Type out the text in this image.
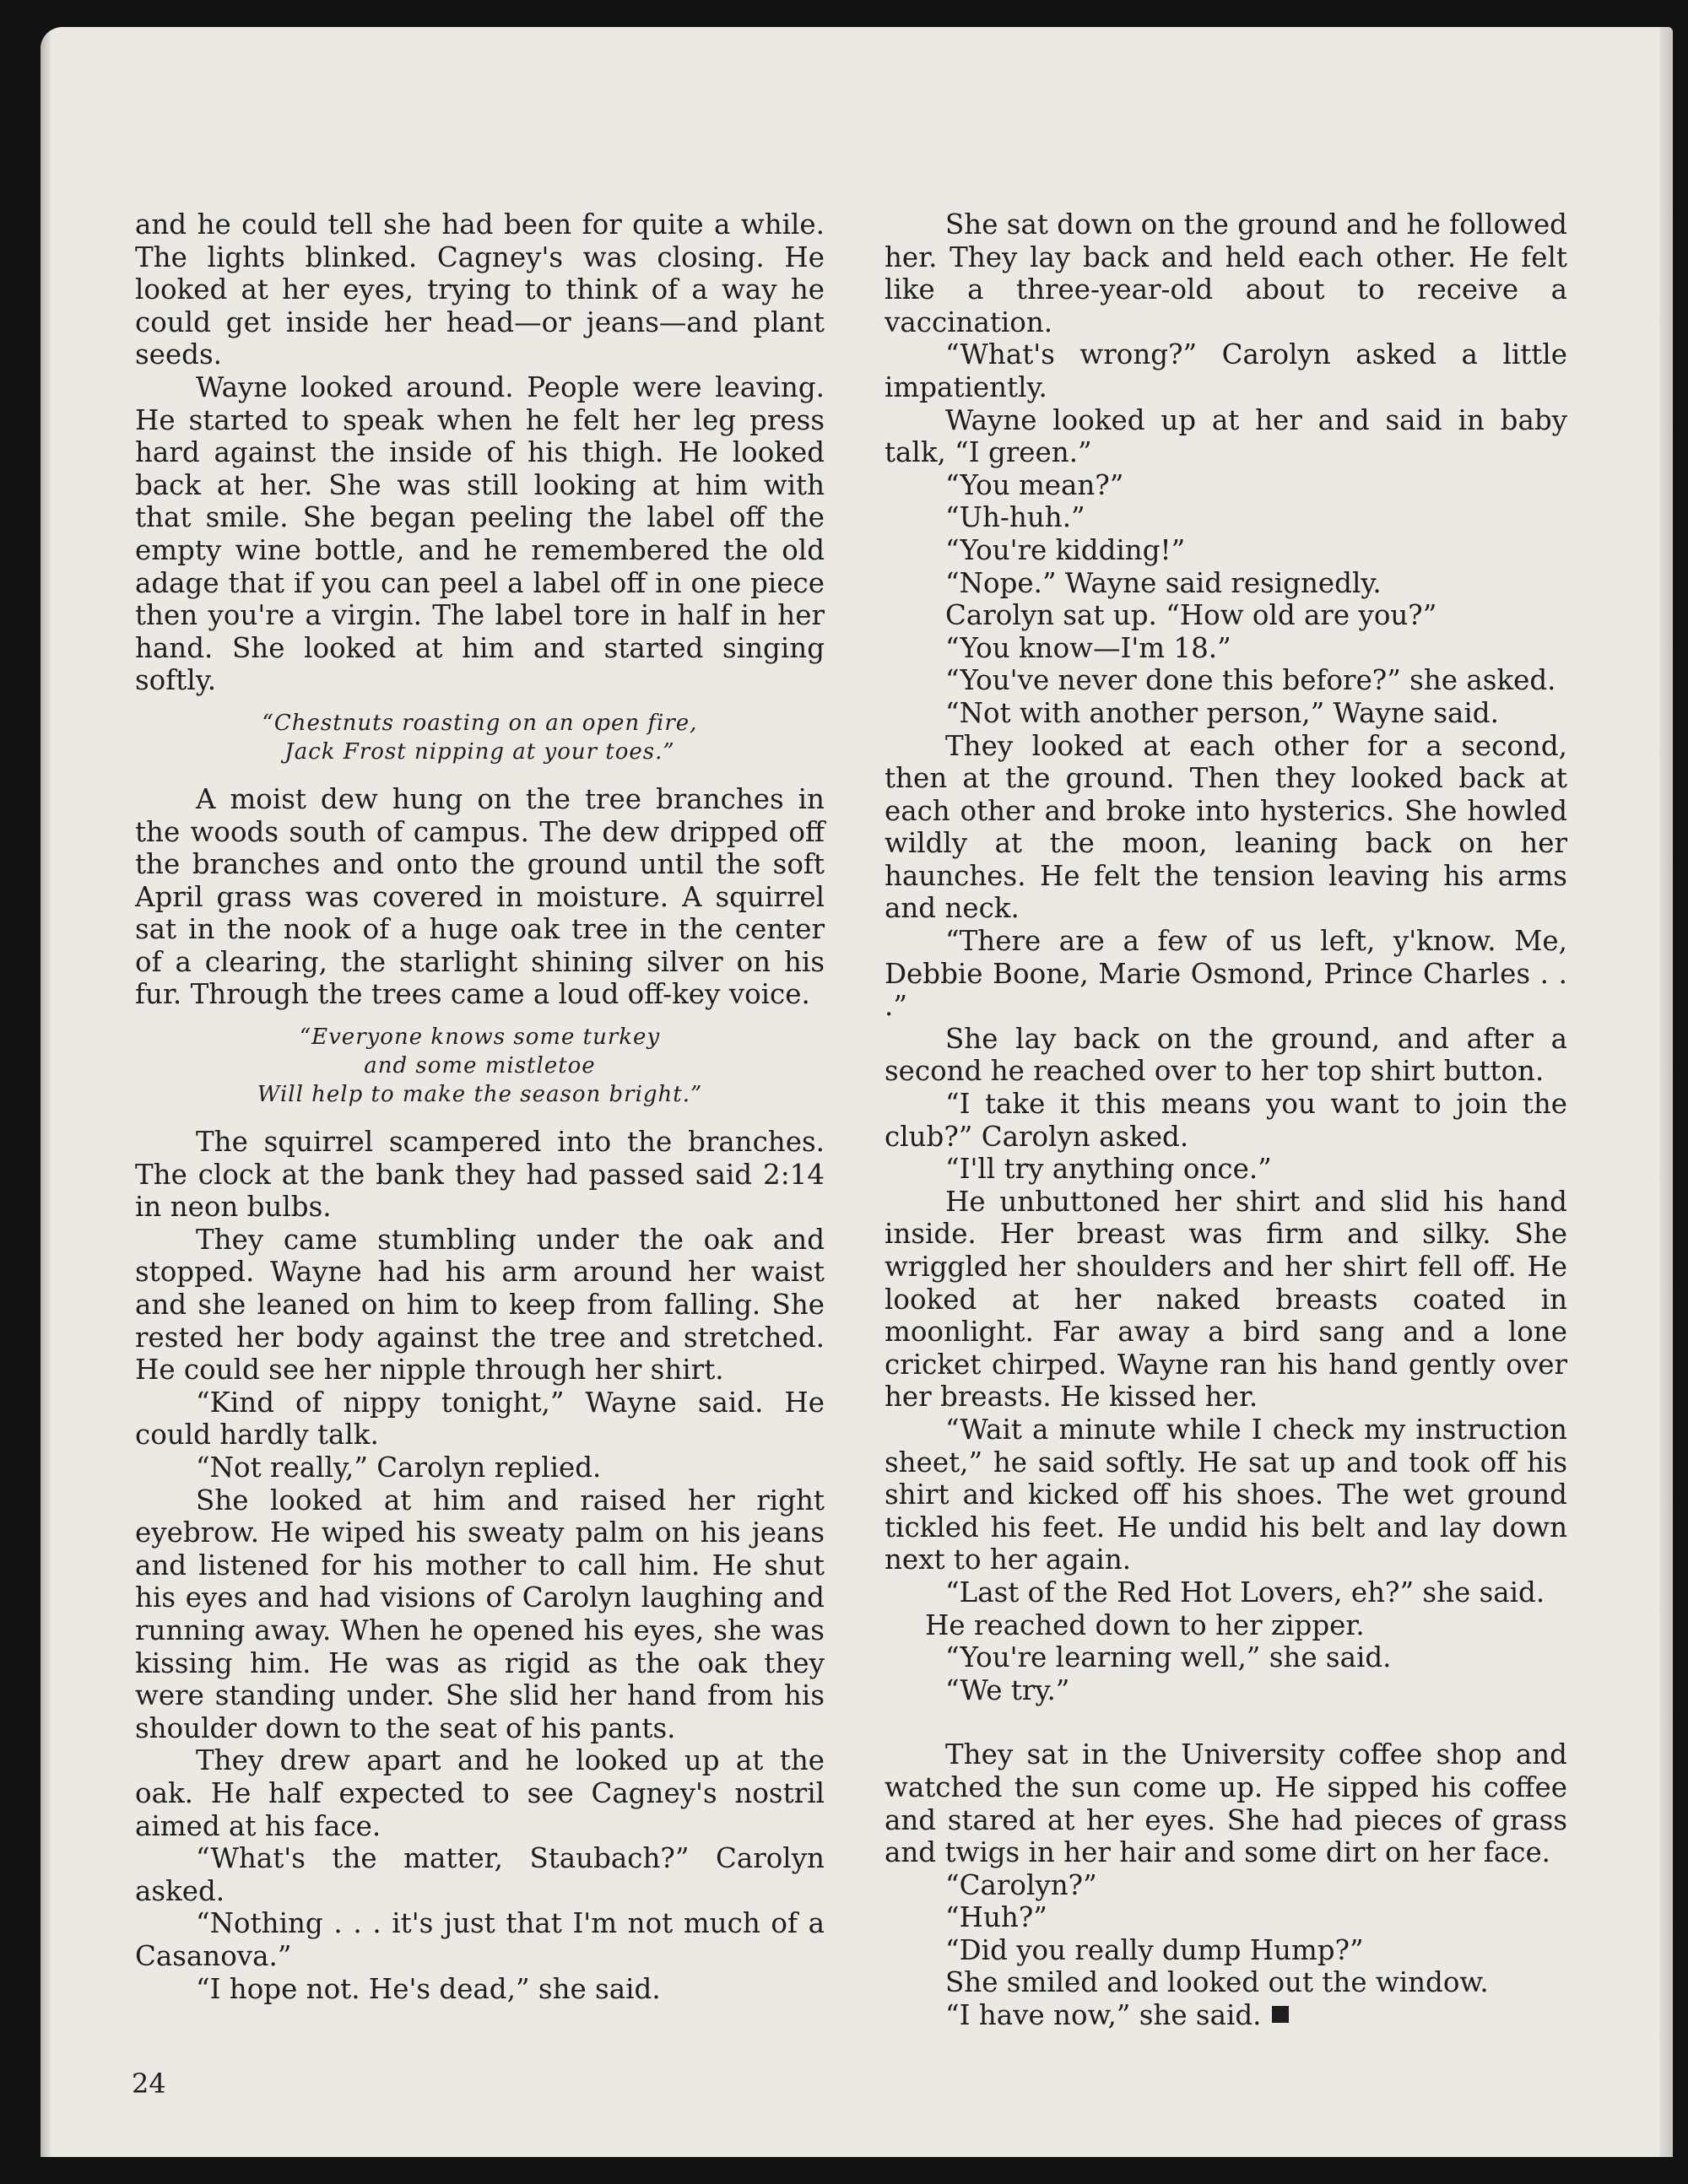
and he could tell she had been for quite a while. The lights blinked. Cagney's was closing. He looked at her eyes, trying to think of a way he could get inside her head—or jeans—and plant seeds.

Wayne looked around. People were leaving. He started to speak when he felt her leg press hard against the inside of his thigh. He looked back at her. She was still looking at him with that smile. She began peeling the label off the empty wine bottle, and he remembered the old adage that if you can peel a label off in one piece then you're a virgin. The label tore in half in her hand. She looked at him and started singing softly.

“Chestnuts roasting on an open fire,
Jack Frost nipping at your toes.”

A moist dew hung on the tree branches in the woods south of campus. The dew dripped off the branches and onto the ground until the soft April grass was covered in moisture. A squirrel sat in the nook of a huge oak tree in the center of a clearing, the starlight shining silver on his fur. Through the trees came a loud off-key voice.

“Everyone knows some turkey
and some mistletoe
Will help to make the season bright.”

The squirrel scampered into the branches. The clock at the bank they had passed said 2:14 in neon bulbs.

They came stumbling under the oak and stopped. Wayne had his arm around her waist and she leaned on him to keep from falling. She rested her body against the tree and stretched. He could see her nipple through her shirt.

“Kind of nippy tonight,” Wayne said. He could hardly talk.

“Not really,” Carolyn replied.

She looked at him and raised her right eyebrow. He wiped his sweaty palm on his jeans and listened for his mother to call him. He shut his eyes and had visions of Carolyn laughing and running away. When he opened his eyes, she was kissing him. He was as rigid as the oak they were standing under. She slid her hand from his shoulder down to the seat of his pants.

They drew apart and he looked up at the oak. He half expected to see Cagney's nostril aimed at his face.

“What's the matter, Staubach?” Carolyn asked.

“Nothing . . . it's just that I'm not much of a Casanova.”

“I hope not. He's dead,” she said.

She sat down on the ground and he followed her. They lay back and held each other. He felt like a three-year-old about to receive a vaccination.

“What's wrong?” Carolyn asked a little impatiently.

Wayne looked up at her and said in baby talk, “I green.”

“You mean?”

“Uh-huh.”

“You're kidding!”

“Nope.” Wayne said resignedly.

Carolyn sat up. “How old are you?”

“You know—I'm 18.”

“You've never done this before?” she asked.

“Not with another person,” Wayne said.

They looked at each other for a second, then at the ground. Then they looked back at each other and broke into hysterics. She howled wildly at the moon, leaning back on her haunches. He felt the tension leaving his arms and neck.

“There are a few of us left, y'know. Me, Debbie Boone, Marie Osmond, Prince Charles . . .”

She lay back on the ground, and after a second he reached over to her top shirt button.

“I take it this means you want to join the club?” Carolyn asked.

“I'll try anything once.”

He unbuttoned her shirt and slid his hand inside. Her breast was firm and silky. She wriggled her shoulders and her shirt fell off. He looked at her naked breasts coated in moonlight. Far away a bird sang and a lone cricket chirped. Wayne ran his hand gently over her breasts. He kissed her.

“Wait a minute while I check my instruction sheet,” he said softly. He sat up and took off his shirt and kicked off his shoes. The wet ground tickled his feet. He undid his belt and lay down next to her again.

“Last of the Red Hot Lovers, eh?” she said.

He reached down to her zipper.

“You're learning well,” she said.

“We try.”

They sat in the University coffee shop and watched the sun come up. He sipped his coffee and stared at her eyes. She had pieces of grass and twigs in her hair and some dirt on her face.

“Carolyn?”

“Huh?”

“Did you really dump Hump?”

She smiled and looked out the window.

“I have now,” she said.

24
